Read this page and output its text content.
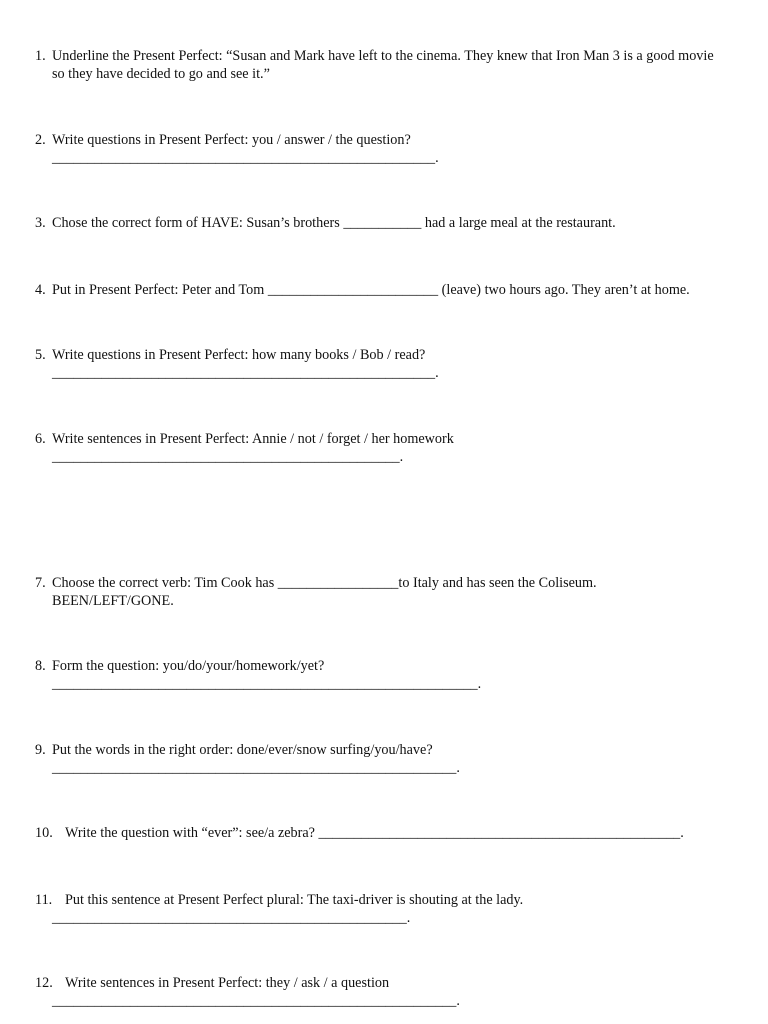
1. Underline the Present Perfect: “Susan and Mark have left to the cinema. They knew that Iron Man 3 is a good movie
so they have decided to go and see it.”
2. Write questions in Present Perfect: you / answer / the question?
______________________________________________________.
3. Chose the correct form of HAVE: Susan’s brothers ___________ had a large meal at the restaurant.
4. Put in Present Perfect: Peter and Tom ________________________ (leave) two hours ago. They aren’t at home.
5. Write questions in Present Perfect: how many books / Bob / read?
______________________________________________________.
6. Write sentences in Present Perfect: Annie / not / forget / her homework
_________________________________________________.
7. Choose the correct verb: Tim Cook has _________________to Italy and has seen the Coliseum.
BEEN/LEFT/GONE.
8. Form the question: you/do/your/homework/yet?
____________________________________________________________.
9. Put the words in the right order: done/ever/snow surfing/you/have?
_________________________________________________________.
10. Write the question with “ever”: see/a zebra? ___________________________________________________.
11. Put this sentence at Present Perfect plural: The taxi-driver is shouting at the lady.
__________________________________________________.
12. Write sentences in Present Perfect: they / ask / a question
_________________________________________________________.
